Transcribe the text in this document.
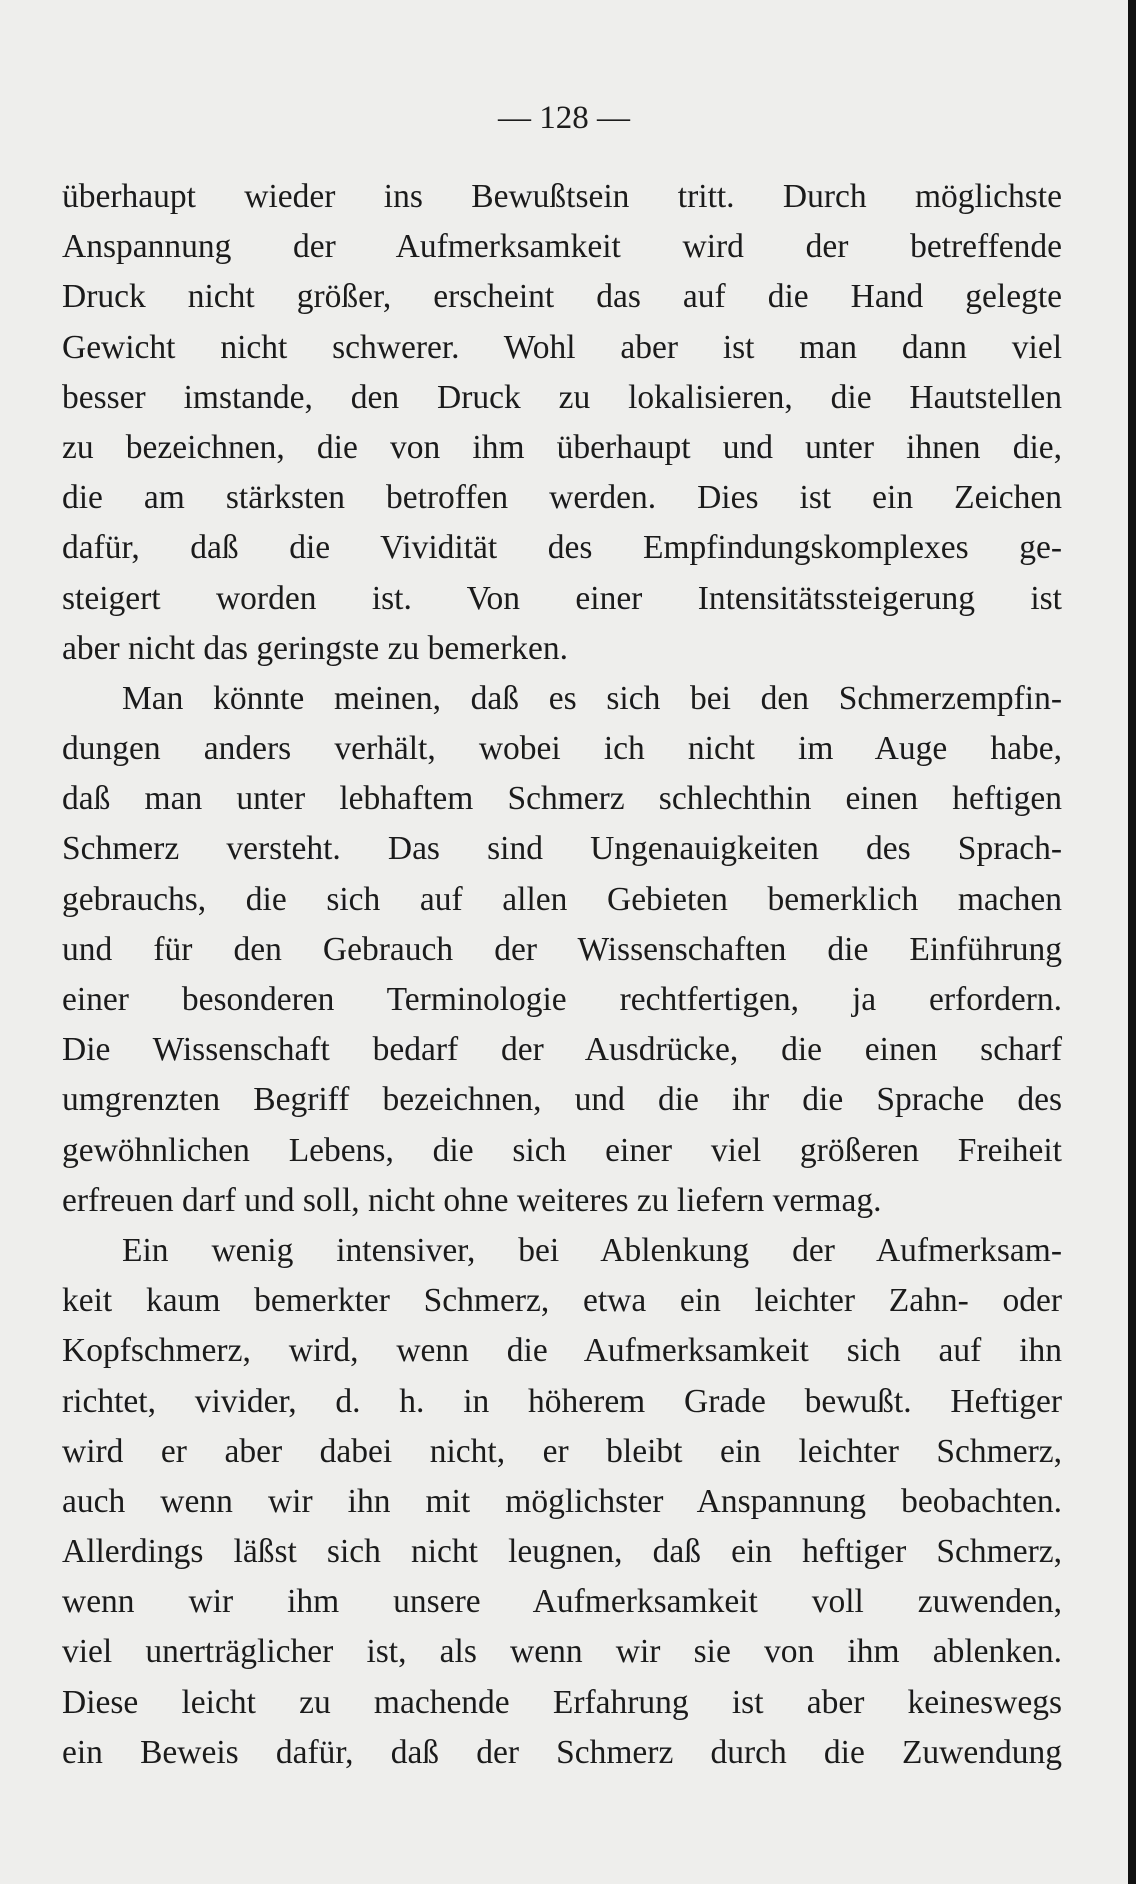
— 128 —

überhaupt wieder ins Bewußtsein tritt. Durch möglichste
Anspannung der Aufmerksamkeit wird der betreffende
Druck nicht größer, erscheint das auf die Hand gelegte
Gewicht nicht schwerer. Wohl aber ist man dann viel
besser imstande, den Druck zu lokalisieren, die Hautstellen
zu bezeichnen, die von ihm überhaupt und unter ihnen die,
die am stärksten betroffen werden. Dies ist ein Zeichen
dafür, daß die Vividität des Empfindungskomplexes ge-
steigert worden ist. Von einer Intensitätssteigerung ist
aber nicht das geringste zu bemerken.

Man könnte meinen, daß es sich bei den Schmerzempfin-
dungen anders verhält, wobei ich nicht im Auge habe,
daß man unter lebhaftem Schmerz schlechthin einen heftigen
Schmerz versteht. Das sind Ungenauigkeiten des Sprach-
gebrauchs, die sich auf allen Gebieten bemerklich machen
und für den Gebrauch der Wissenschaften die Einführung
einer besonderen Terminologie rechtfertigen, ja erfordern.
Die Wissenschaft bedarf der Ausdrücke, die einen scharf
umgrenzten Begriff bezeichnen, und die ihr die Sprache des
gewöhnlichen Lebens, die sich einer viel größeren Freiheit
erfreuen darf und soll, nicht ohne weiteres zu liefern vermag.

Ein wenig intensiver, bei Ablenkung der Aufmerksam-
keit kaum bemerkter Schmerz, etwa ein leichter Zahn- oder
Kopfschmerz, wird, wenn die Aufmerksamkeit sich auf ihn
richtet, vivider, d. h. in höherem Grade bewußt. Heftiger
wird er aber dabei nicht, er bleibt ein leichter Schmerz,
auch wenn wir ihn mit möglichster Anspannung beobachten.
Allerdings läßst sich nicht leugnen, daß ein heftiger Schmerz,
wenn wir ihm unsere Aufmerksamkeit voll zuwenden,
viel unerträglicher ist, als wenn wir sie von ihm ablenken.
Diese leicht zu machende Erfahrung ist aber keineswegs
ein Beweis dafür, daß der Schmerz durch die Zuwendung
